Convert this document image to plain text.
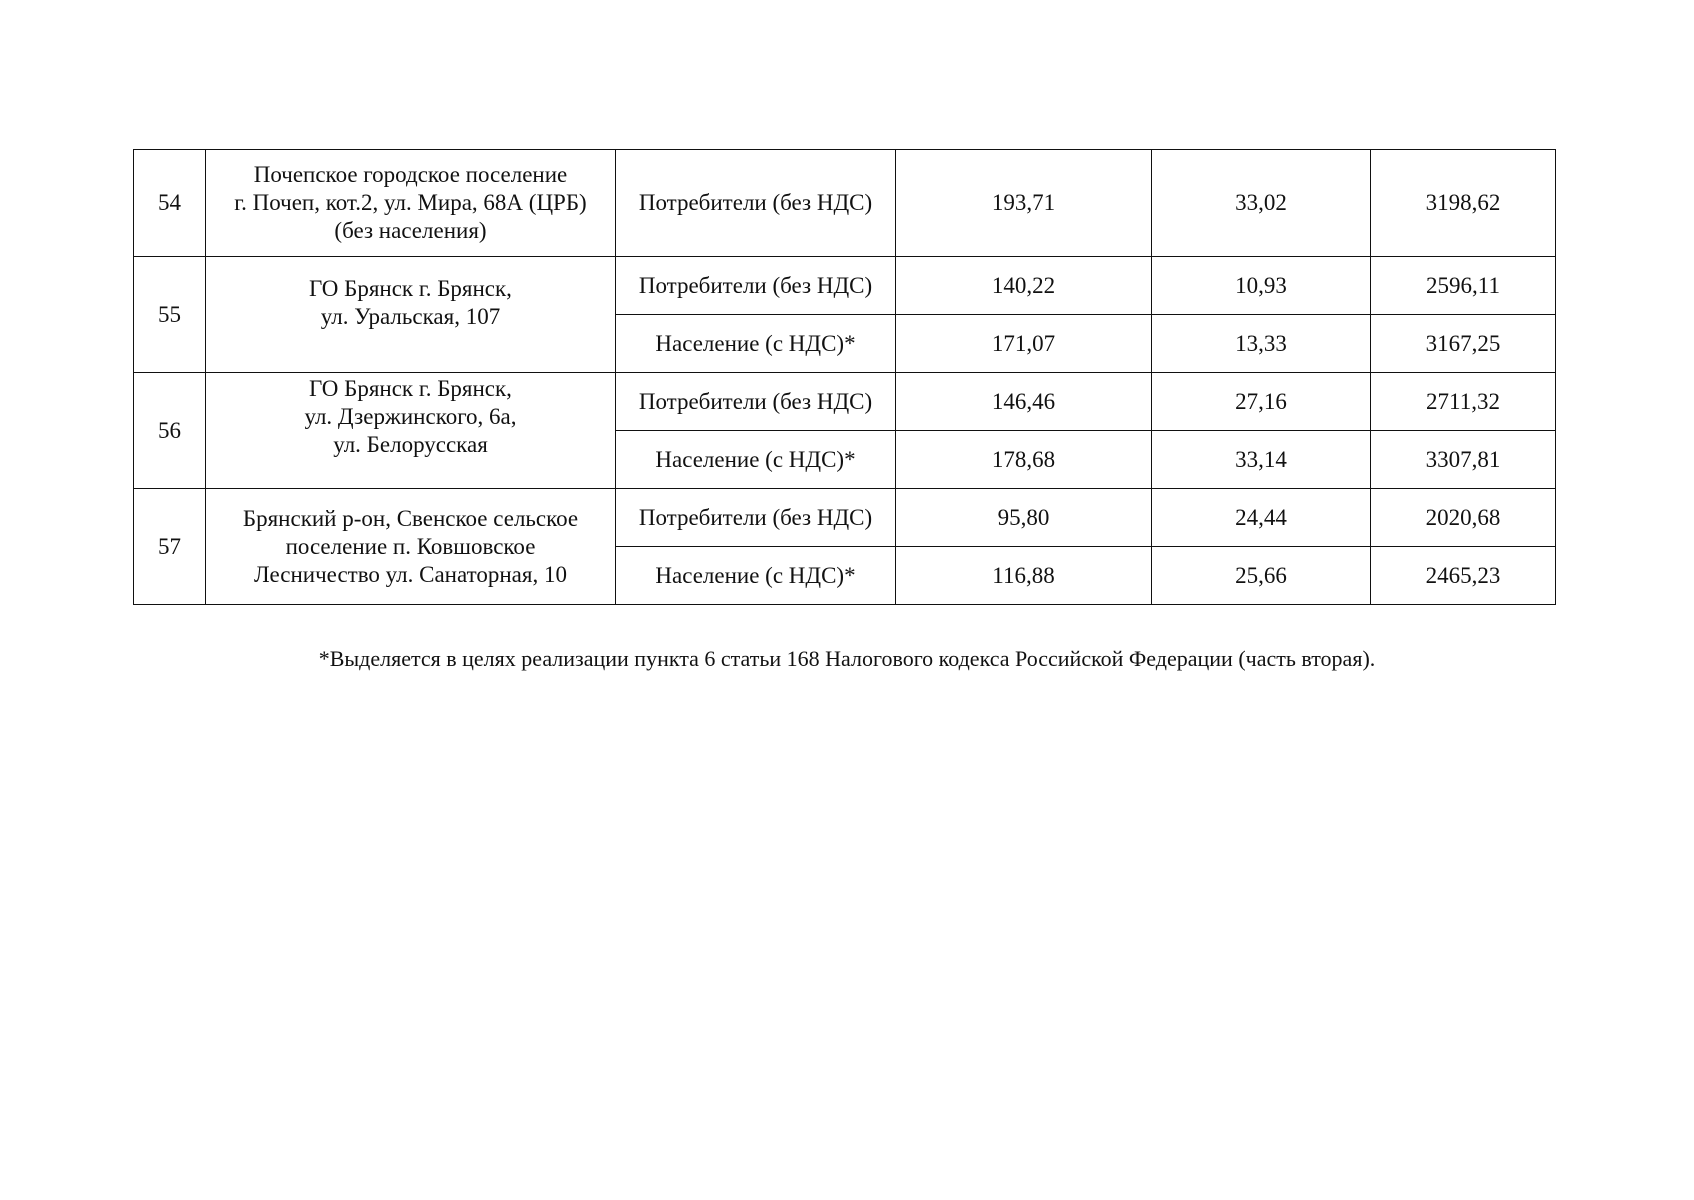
54	Почепское городское поселение
г. Почеп, кот.2, ул. Мира, 68А (ЦРБ)
(без населения)	Потребители (без НДС)	193,71	33,02	3198,62
55	ГО Брянск г. Брянск,
ул. Уральская, 107	Потребители (без НДС)	140,22	10,93	2596,11
		Население (с НДС)*	171,07	13,33	3167,25
56	ГО Брянск г. Брянск,
ул. Дзержинского, 6а,
ул. Белорусская	Потребители (без НДС)	146,46	27,16	2711,32
		Население (с НДС)*	178,68	33,14	3307,81
57	Брянский р-он, Свенское сельское
поселение п. Ковшовское
Лесничество ул. Санаторная, 10	Потребители (без НДС)	95,80	24,44	2020,68
		Население (с НДС)*	116,88	25,66	2465,23
*Выделяется в целях реализации пункта 6 статьи 168 Налогового кодекса Российской Федерации (часть вторая).
